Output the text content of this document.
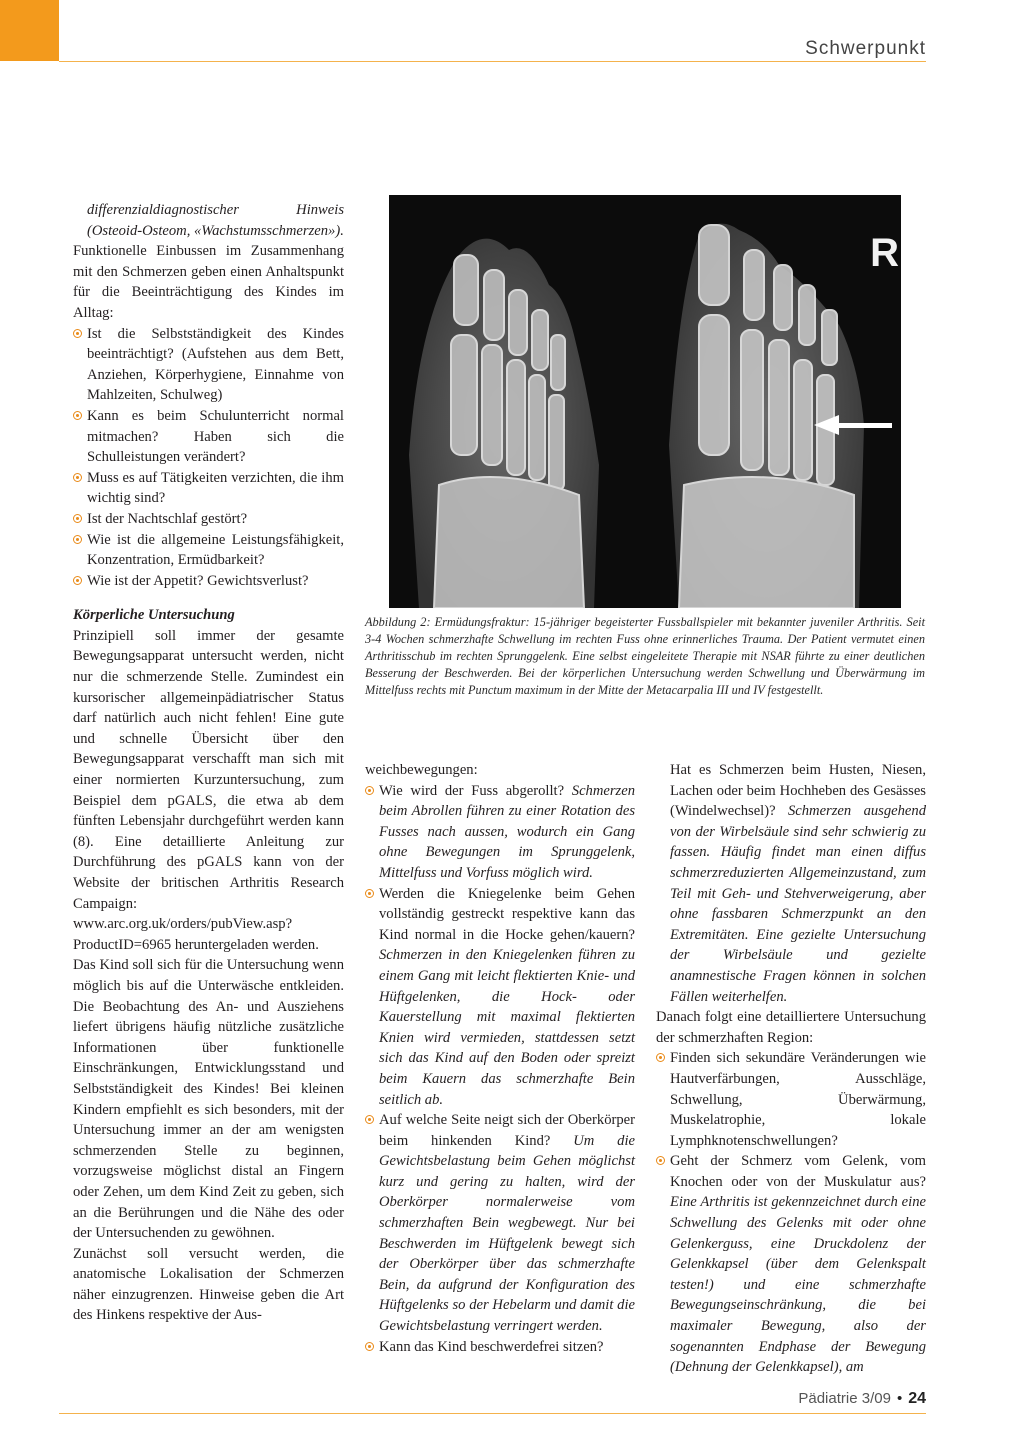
Schwerpunkt

differenzialdiagnostischer Hinweis (Osteoid-Osteom, «Wachstumsschmerzen»).

Funktionelle Einbussen im Zusammenhang mit den Schmerzen geben einen Anhaltspunkt für die Beeinträchtigung des Kindes im Alltag:

Ist die Selbstständigkeit des Kindes beeinträchtigt? (Aufstehen aus dem Bett, Anziehen, Körperhygiene, Einnahme von Mahlzeiten, Schulweg)
Kann es beim Schulunterricht normal mitmachen? Haben sich die Schulleistungen verändert?
Muss es auf Tätigkeiten verzichten, die ihm wichtig sind?
Ist der Nachtschlaf gestört?
Wie ist die allgemeine Leistungsfähigkeit, Konzentration, Ermüdbarkeit?
Wie ist der Appetit? Gewichtsverlust?
Körperliche Untersuchung

Prinzipiell soll immer der gesamte Bewegungsapparat untersucht werden, nicht nur die schmerzende Stelle. Zumindest ein kursorischer allgemeinpädiatrischer Status darf natürlich auch nicht fehlen! Eine gute und schnelle Übersicht über den Bewegungsapparat verschafft man sich mit einer normierten Kurzuntersuchung, zum Beispiel dem pGALS, die etwa ab dem fünften Lebensjahr durchgeführt werden kann (8). Eine detaillierte Anleitung zur Durchführung des pGALS kann von der Website der britischen Arthritis Research Campaign: www.arc.org.uk/orders/pubView.asp?ProductID=6965 heruntergeladen werden.

Das Kind soll sich für die Untersuchung wenn möglich bis auf die Unterwäsche entkleiden. Die Beobachtung des An- und Ausziehens liefert übrigens häufig nützliche zusätzliche Informationen über funktionelle Einschränkungen, Entwicklungsstand und Selbstständigkeit des Kindes! Bei kleinen Kindern empfiehlt es sich besonders, mit der Untersuchung immer an der am wenigsten schmerzenden Stelle zu beginnen, vorzugsweise möglichst distal an Fingern oder Zehen, um dem Kind Zeit zu geben, sich an die Berührungen und die Nähe des oder der Untersuchenden zu gewöhnen.

Zunächst soll versucht werden, die anatomische Lokalisation der Schmerzen näher einzugrenzen. Hinweise geben die Art des Hinkens respektive der Aus-

R
Abbildung 2: Ermüdungsfraktur: 15-jähriger begeisterter Fussballspieler mit bekannter juveniler Arthritis. Seit 3-4 Wochen schmerzhafte Schwellung im rechten Fuss ohne erinnerliches Trauma. Der Patient vermutet einen Arthritisschub im rechten Sprunggelenk. Eine selbst eingeleitete Therapie mit NSAR führte zu einer deutlichen Besserung der Beschwerden. Bei der körperlichen Untersuchung werden Schwellung und Überwärmung im Mittelfuss rechts mit Punctum maximum in der Mitte der Metacarpalia III und IV festgestellt.

weichbewegungen:

Wie wird der Fuss abgerollt? Schmerzen beim Abrollen führen zu einer Rotation des Fusses nach aussen, wodurch ein Gang ohne Bewegungen im Sprunggelenk, Mittelfuss und Vorfuss möglich wird.
Werden die Kniegelenke beim Gehen vollständig gestreckt respektive kann das Kind normal in die Hocke gehen/kauern? Schmerzen in den Kniegelenken führen zu einem Gang mit leicht flektierten Knie- und Hüftgelenken, die Hock- oder Kauerstellung mit maximal flektierten Knien wird vermieden, stattdessen setzt sich das Kind auf den Boden oder spreizt beim Kauern das schmerzhafte Bein seitlich ab.
Auf welche Seite neigt sich der Oberkörper beim hinkenden Kind? Um die Gewichtsbelastung beim Gehen möglichst kurz und gering zu halten, wird der Oberkörper normalerweise vom schmerzhaften Bein wegbewegt. Nur bei Beschwerden im Hüftgelenk bewegt sich der Oberkörper über das schmerzhafte Bein, da aufgrund der Konfiguration des Hüftgelenks so der Hebelarm und damit die Gewichtsbelastung verringert werden.
Kann das Kind beschwerdefrei sitzen?

Hat es Schmerzen beim Husten, Niesen, Lachen oder beim Hochheben des Gesässes (Windelwechsel)? Schmerzen ausgehend von der Wirbelsäule sind sehr schwierig zu fassen. Häufig findet man einen diffus schmerzreduzierten Allgemeinzustand, zum Teil mit Geh- und Stehverweigerung, aber ohne fassbaren Schmerzpunkt an den Extremitäten. Eine gezielte Untersuchung der Wirbelsäule und gezielte anamnestische Fragen können in solchen Fällen weiterhelfen.

Danach folgt eine detailliertere Untersuchung der schmerzhaften Region:

Finden sich sekundäre Veränderungen wie Hautverfärbungen, Ausschläge, Schwellung, Überwärmung, Muskelatrophie, lokale Lymphknotenschwellungen?
Geht der Schmerz vom Gelenk, vom Knochen oder von der Muskulatur aus? Eine Arthritis ist gekennzeichnet durch eine Schwellung des Gelenks mit oder ohne Gelenkerguss, eine Druckdolenz der Gelenkkapsel (über dem Gelenkspalt testen!) und eine schmerzhafte Bewegungseinschränkung, die bei maximaler Bewegung, also der sogenannten Endphase der Bewegung (Dehnung der Gelenkkapsel), am
Pädiatrie 3/09 • 24
